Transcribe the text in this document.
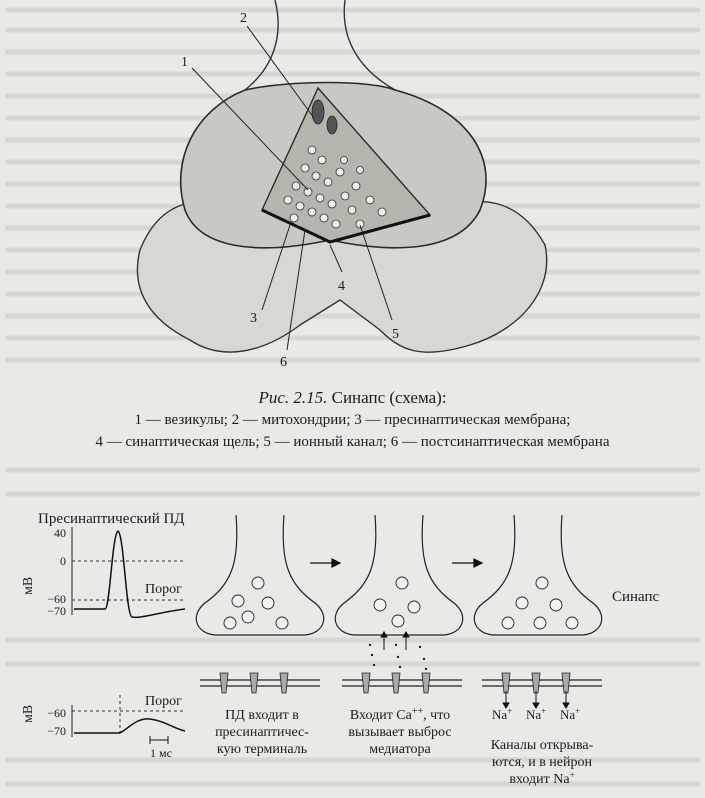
1
2
3
4
5
6
Рис. 2.15. Синапс (схема):
1 — везикулы; 2 — митохондрии; 3 — пресинаптическая мембрана;
4 — синаптическая щель; 5 — ионный канал; 6 — постсинаптическая мембрана
Пресинаптический ПД
мВ
40
0
−60
−70
Порог
мВ −60
−70
Порог
1 мс
Na+ Na+ Na+
Синапс
ПД входит в
пресинаптичес-
кую терминаль
Входит Ca++, что
вызывает выброс
медиатора	Каналы открыва-
ются, и в нейрон
входит Na+
